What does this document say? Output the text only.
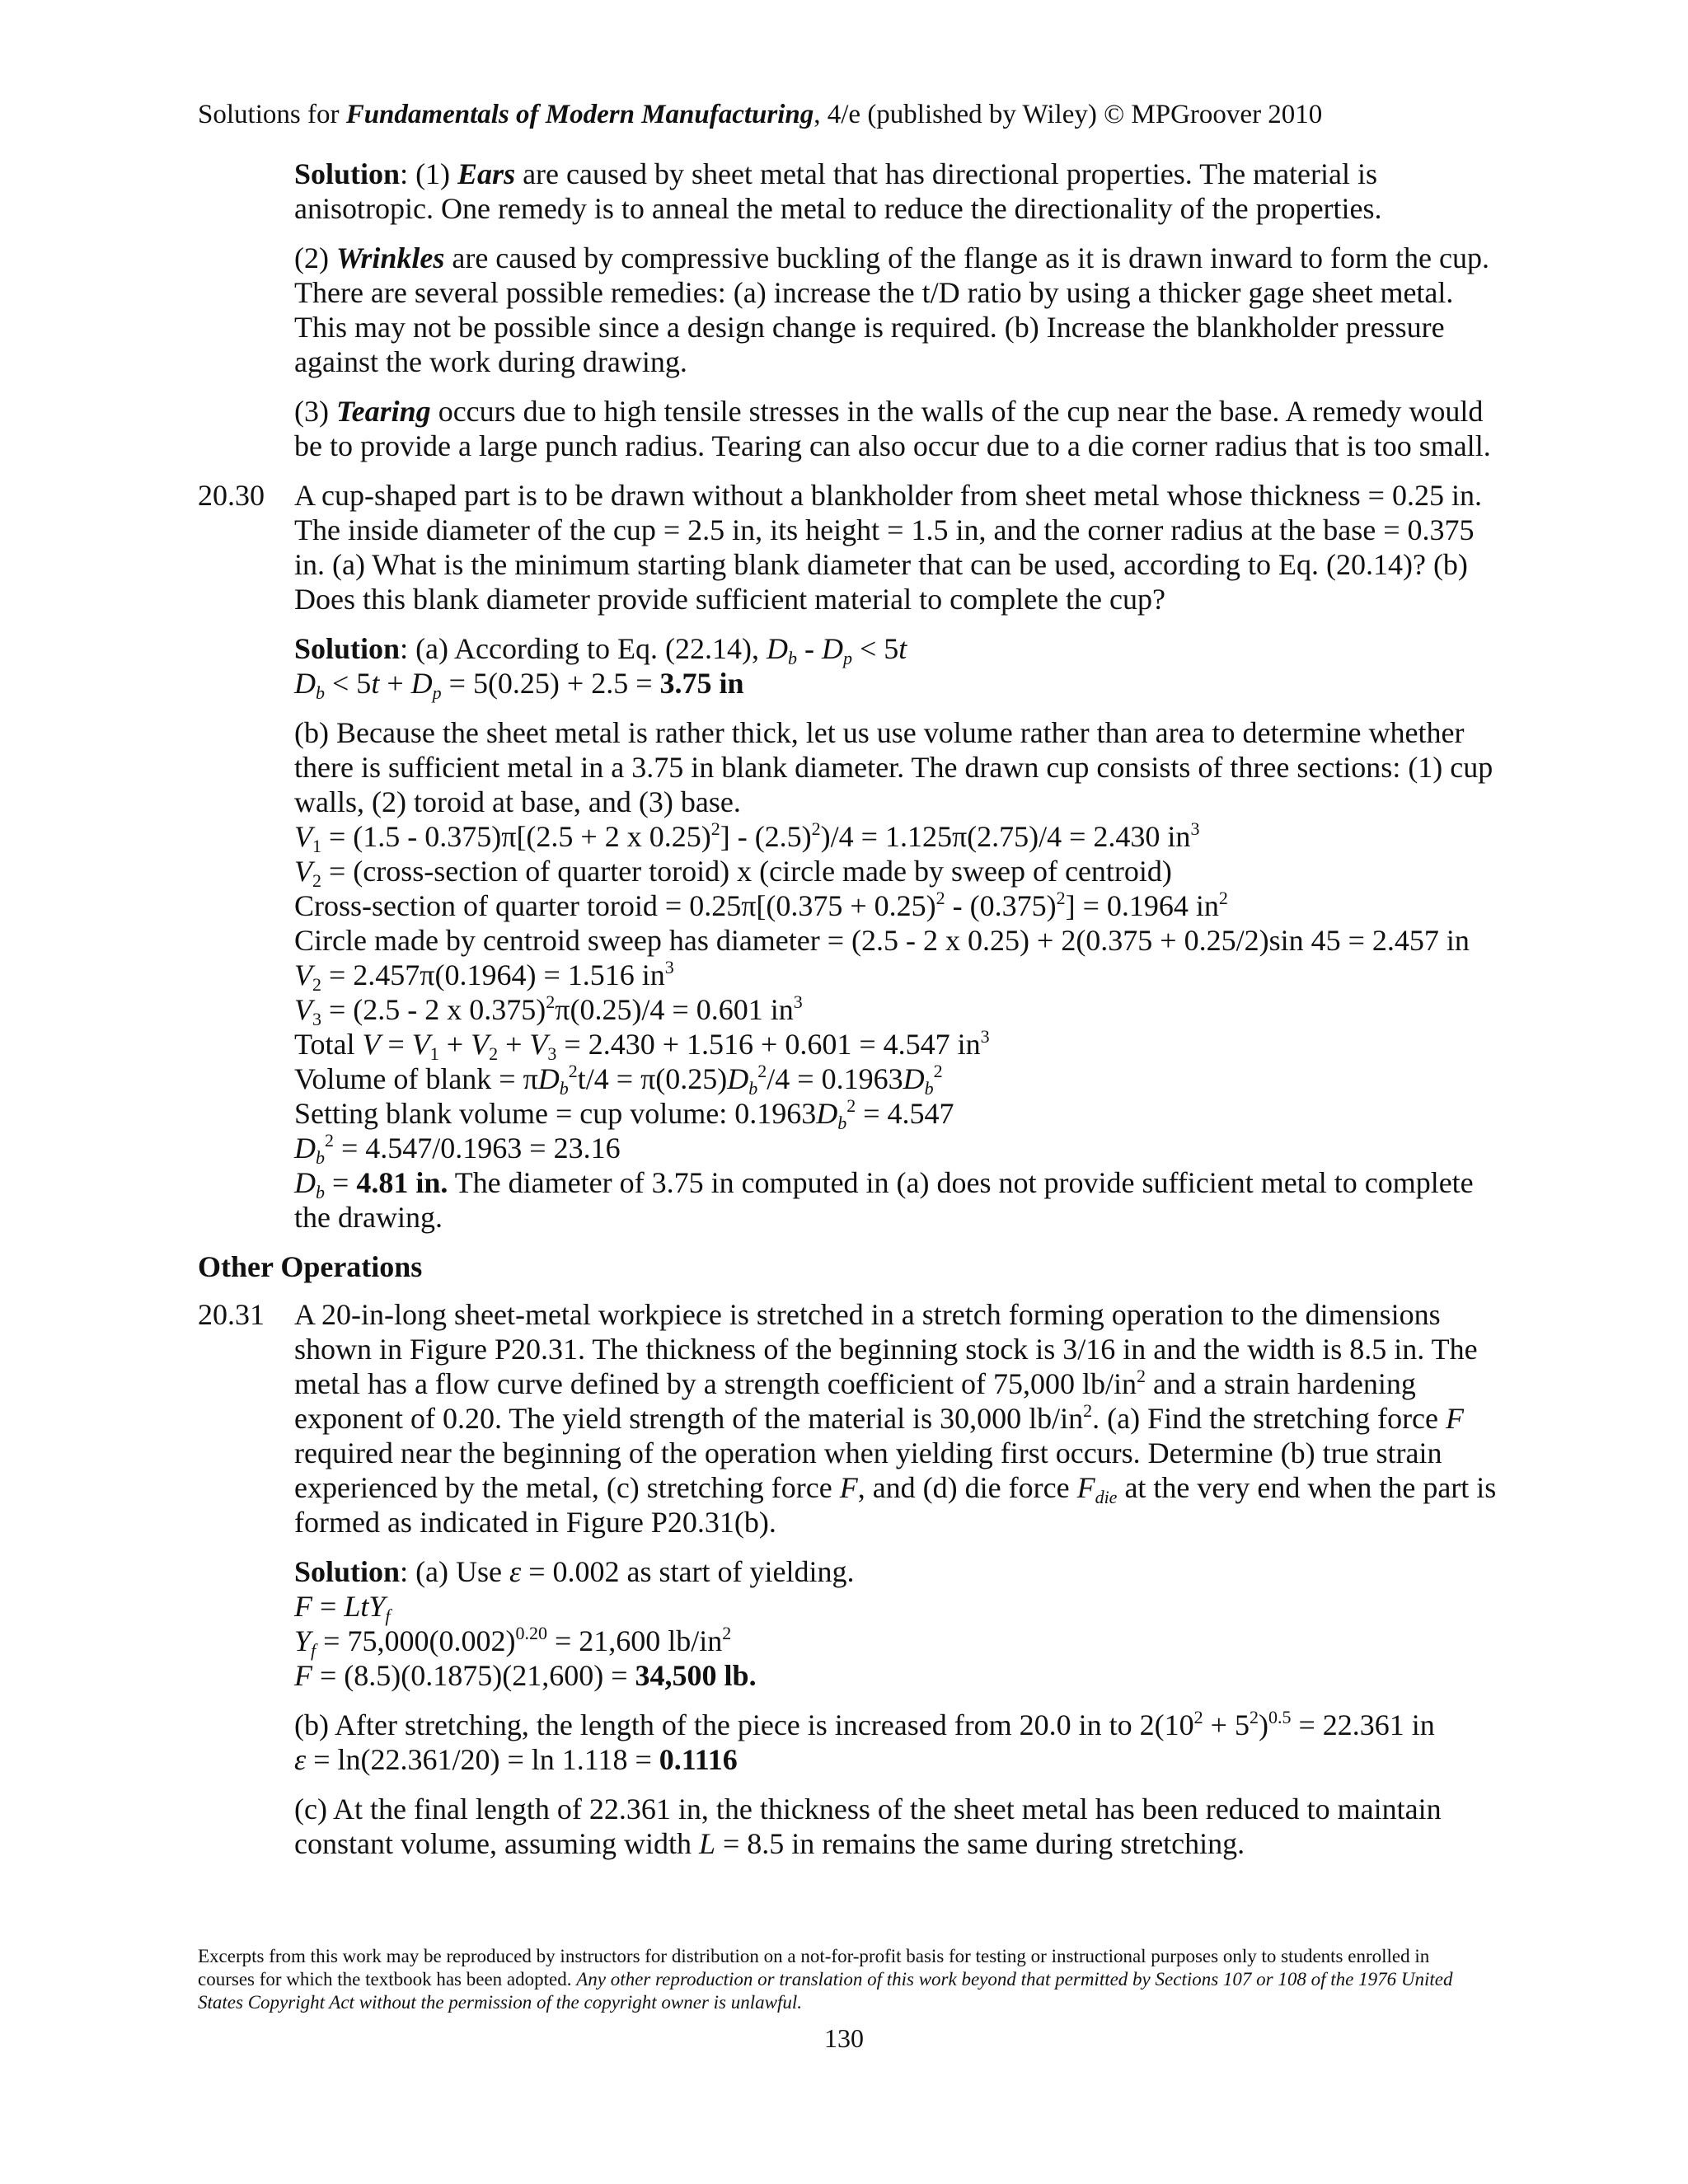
Solutions for Fundamentals of Modern Manufacturing, 4/e (published by Wiley) © MPGroover 2010

Solution: (1) Ears are caused by sheet metal that has directional properties. The material is anisotropic. One remedy is to anneal the metal to reduce the directionality of the properties.

(2) Wrinkles are caused by compressive buckling of the flange as it is drawn inward to form the cup. There are several possible remedies: (a) increase the t/D ratio by using a thicker gage sheet metal. This may not be possible since a design change is required. (b) Increase the blankholder pressure against the work during drawing.

(3) Tearing occurs due to high tensile stresses in the walls of the cup near the base. A remedy would be to provide a large punch radius. Tearing can also occur due to a die corner radius that is too small.

20.30	A cup-shaped part is to be drawn without a blankholder from sheet metal whose thickness = 0.25 in. The inside diameter of the cup = 2.5 in, its height = 1.5 in, and the corner radius at the base = 0.375 in. (a) What is the minimum starting blank diameter that can be used, according to Eq. (20.14)? (b) Does this blank diameter provide sufficient material to complete the cup?
Solution: (a) According to Eq. (22.14), $D_b - D_p < 5t$
$D_b < 5t + D_p = 5(0.25) + 2.5 = 3.75$ in
(b) Because the sheet metal is rather thick, let us use volume rather than area to determine whether there is sufficient metal in a 3.75 in blank diameter. The drawn cup consists of three sections: (1) cup walls, (2) toroid at base, and (3) base.
$V_1 = (1.5 - 0.375)\pi[(2.5 + 2$ x $0.25)^2] - (2.5)^2)/4 = 1.125\pi(2.75)/4 = 2.430$ $in^3$
$V_2$ = (cross-section of quarter toroid) x (circle made by sweep of centroid)
Cross-section of quarter toroid = $0.25\pi[(0.375 + 0.25)^2 - (0.375)^2] = 0.1964$ $in^2$
Circle made by centroid sweep has diameter = (2.5 - 2 x 0.25) + 2(0.375 + 0.25/2)sin 45 = 2.457 in
$V_2 = 2.457\pi(0.1964) = 1.516$ $in^3$
$V_3 = (2.5 - 2$ x 0.375)$^2$π(0.25)/4 = 0.601 $in^3$
Total $V = V_1 + V_2 + V_3 = 2.430 + 1.516 + 0.601 = 4.547$ $in^3$
Volume of blank = $\pi D_b^2t/4 = \pi(0.25)D_b^2/4 = 0.1963D_b^2$
Setting blank volume = cup volume: $0.1963D_b^2 = 4.547$
$D_b^2 = 4.547/0.1963 = 23.16$
$D_b = 4.81$ in. The diameter of 3.75 in computed in (a) does not provide sufficient metal to complete the drawing.
Other Operations
20.31	A 20-in-long sheet-metal workpiece is stretched in a stretch forming operation to the dimensions shown in Figure P20.31. The thickness of the beginning stock is 3/16 in and the width is 8.5 in. The metal has a flow curve defined by a strength coefficient of 75,000 $lb/in^2$ and a strain hardening exponent of 0.20. The yield strength of the material is 30,000 $lb/in^2$. (a) Find the stretching force F required near the beginning of the operation when yielding first occurs. Determine (b) true strain experienced by the metal, (c) stretching force F, and (d) die force $F_{die}$ at the very end when the part is formed as indicated in Figure P20.31(b).
Solution: (a) Use ε = 0.002 as start of yielding.
F = LtY$_f$
$Y_f = 75,000(0.002)^{0.20} = 21,600$ $lb/in^2$
F = (8.5)(0.1875)(21,600) = 34,500 lb.
(b) After stretching, the length of the piece is increased from 20.0 in to $2(10^2 + 5^2)^{0.5} = 22.361$ in
ε = ln(22.361/20) = ln 1.118 = 0.1116
(c) At the final length of 22.361 in, the thickness of the sheet metal has been reduced to maintain constant volume, assuming width L = 8.5 in remains the same during stretching.
Excerpts from this work may be reproduced by instructors for distribution on a not-for-profit basis for testing or instructional purposes only to students enrolled in courses for which the textbook has been adopted. Any other reproduction or translation of this work beyond that permitted by Sections 107 or 108 of the 1976 United States Copyright Act without the permission of the copyright owner is unlawful.
130
